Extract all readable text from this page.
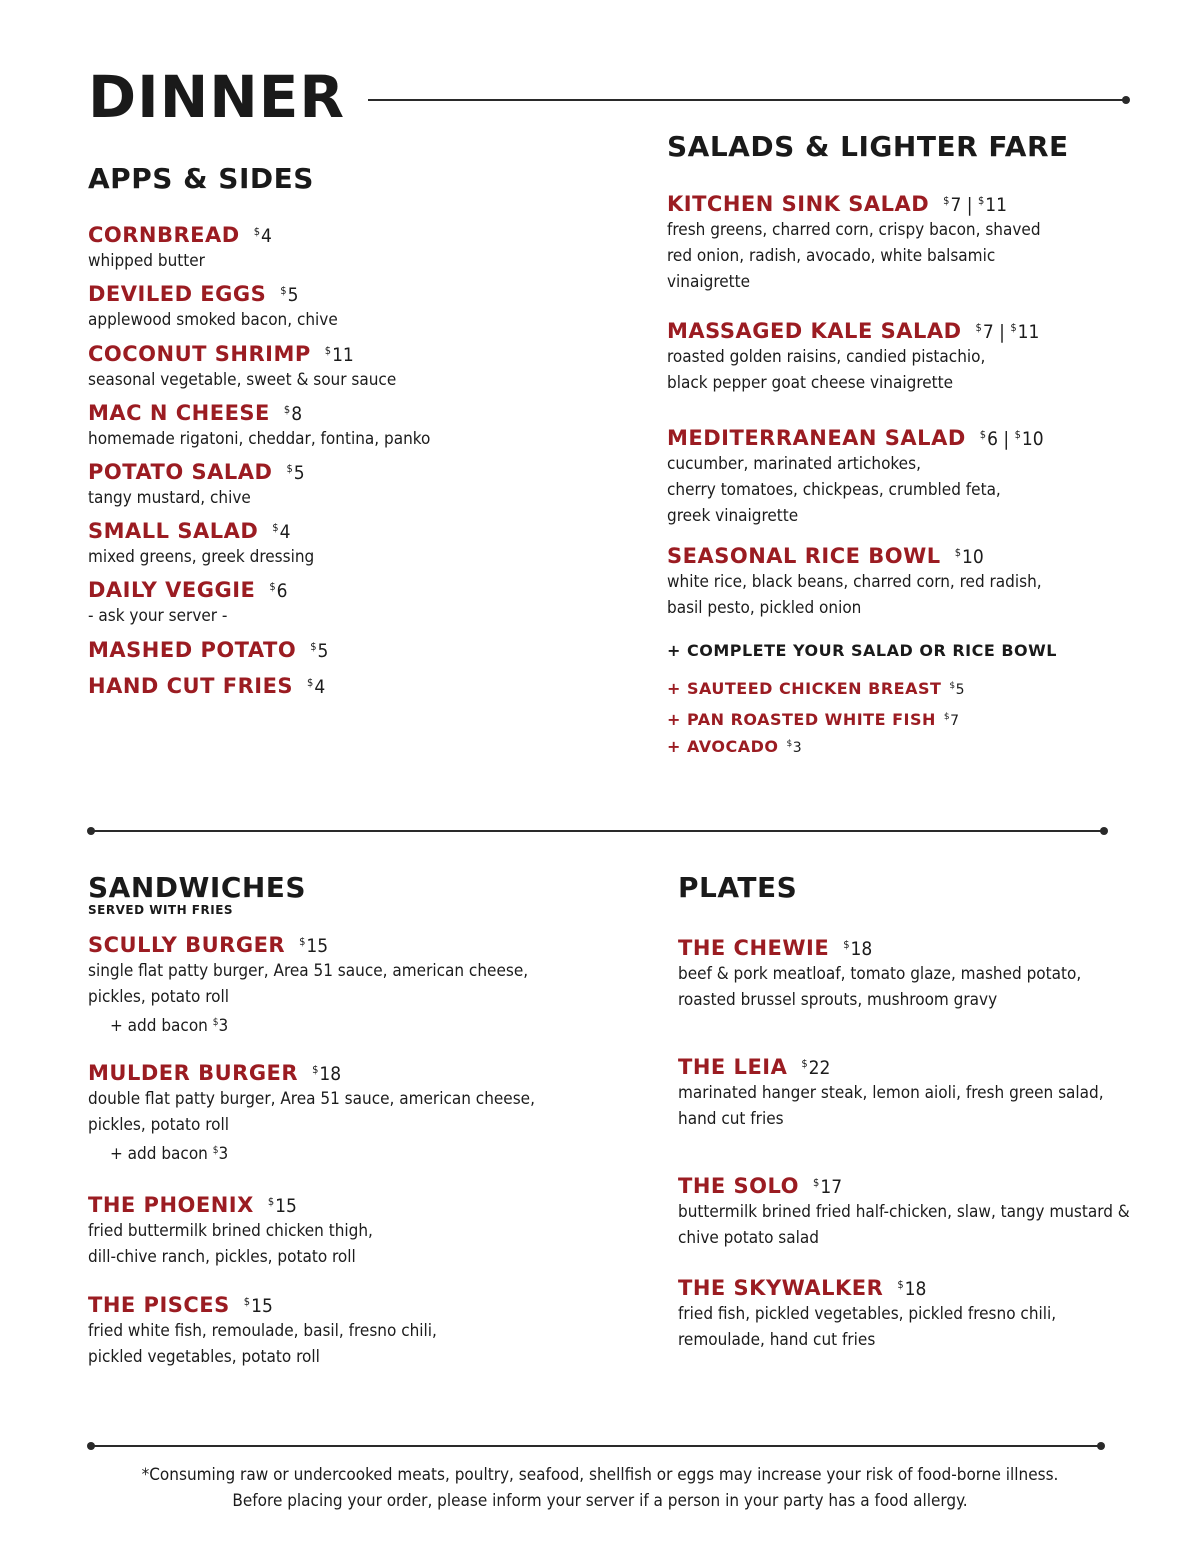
DINNER
APPS & SIDES
CORNBREAD $4
whipped butter
DEVILED EGGS $5
applewood smoked bacon, chive
COCONUT SHRIMP $11
seasonal vegetable, sweet & sour sauce
MAC N CHEESE $8
homemade rigatoni, cheddar, fontina, panko
POTATO SALAD $5
tangy mustard, chive
SMALL SALAD $4
mixed greens, greek dressing
DAILY VEGGIE $6
- ask your server -
MASHED POTATO $5
HAND CUT FRIES $4
SALADS & LIGHTER FARE
KITCHEN SINK SALAD $7 | $11
fresh greens, charred corn, crispy bacon, shaved
red onion, radish, avocado, white balsamic
vinaigrette
MASSAGED KALE SALAD $7 | $11
roasted golden raisins, candied pistachio,
black pepper goat cheese vinaigrette
MEDITERRANEAN SALAD $6 | $10
cucumber, marinated artichokes,
cherry tomatoes, chickpeas, crumbled feta,
greek vinaigrette
SEASONAL RICE BOWL $10
white rice, black beans, charred corn, red radish,
basil pesto, pickled onion
+ COMPLETE YOUR SALAD OR RICE BOWL
+ SAUTEED CHICKEN BREAST $5
+ PAN ROASTED WHITE FISH $7
+ AVOCADO $3
SANDWICHES
SERVED WITH FRIES
SCULLY BURGER $15
single flat patty burger, Area 51 sauce, american cheese,
pickles, potato roll
+ add bacon $3
MULDER BURGER $18
double flat patty burger, Area 51 sauce, american cheese,
pickles, potato roll
+ add bacon $3
THE PHOENIX $15
fried buttermilk brined chicken thigh,
dill-chive ranch, pickles, potato roll
THE PISCES $15
fried white fish, remoulade, basil, fresno chili,
pickled vegetables, potato roll
PLATES
THE CHEWIE $18
beef & pork meatloaf, tomato glaze, mashed potato,
roasted brussel sprouts, mushroom gravy
THE LEIA $22
marinated hanger steak, lemon aioli, fresh green salad,
hand cut fries
THE SOLO $17
buttermilk brined fried half-chicken, slaw, tangy mustard &
chive potato salad
THE SKYWALKER $18
fried fish, pickled vegetables, pickled fresno chili,
remoulade, hand cut fries
*Consuming raw or undercooked meats, poultry, seafood, shellfish or eggs may increase your risk of food-borne illness.
Before placing your order, please inform your server if a person in your party has a food allergy.
